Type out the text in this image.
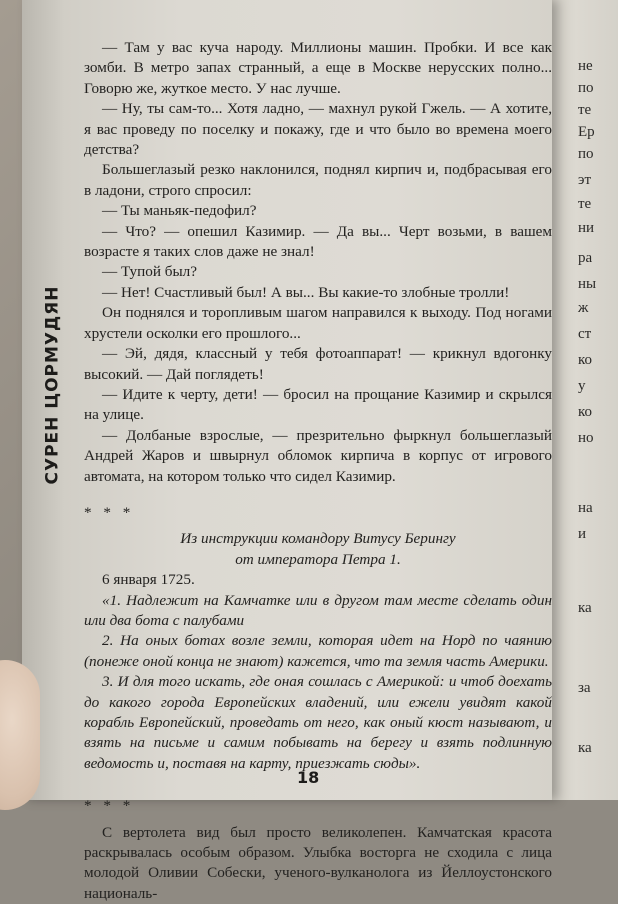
не
по
те
Ер
по
эт
те
ни
ра
ны
ж
ст
ко
у
ко
но
на
и
ка
за
ка
СУРЕН ЦОРМУДЯН

— Там у вас куча народу. Миллионы машин. Пробки. И все как зомби. В метро запах странный, а еще в Москве нерусских полно... Говорю же, жуткое место. У нас лучше.

— Ну, ты сам-то... Хотя ладно, — махнул рукой Гжель. — А хотите, я вас проведу по поселку и покажу, где и что было во времена моего детства?

Большеглазый резко наклонился, поднял кирпич и, подбрасывая его в ладони, строго спросил:

— Ты маньяк-педофил?

— Что? — опешил Казимир. — Да вы... Черт возьми, в вашем возрасте я таких слов даже не знал!

— Тупой был?

— Нет! Счастливый был! А вы... Вы какие-то злобные тролли!

Он поднялся и торопливым шагом направился к выходу. Под ногами хрустели осколки его прошлого...

— Эй, дядя, классный у тебя фотоаппарат! — крикнул вдогонку высокий. — Дай поглядеть!

— Идите к черту, дети! — бросил на прощание Казимир и скрылся на улице.

— Долбаные взрослые, — презрительно фыркнул большеглазый Андрей Жаров и швырнул обломок кирпича в корпус от игрового автомата, на котором только что сидел Казимир.

* * *

Из инструкции командору Витусу Берингу

от императора Петра 1.

6 января 1725.

«1. Надлежит на Камчатке или в другом там месте сделать один или два бота с палубами

2. На оных ботах возле земли, которая идет на Норд по чаянию (понеже оной конца не знают) кажется, что та земля часть Америки.

3. И для того искать, где оная сошлась с Америкой: и чтоб доехать до какого города Европейских владений, или ежели увидят какой корабль Европейский, проведать от него, как оный кюст называют, и взять на письме и самим побывать на берегу и взять подлинную ведомость и, поставя на карту, приезжать сюды».

* * *

С вертолета вид был просто великолепен. Камчатская красота раскрывалась особым образом. Улыбка восторга не сходила с лица молодой Оливии Собески, ученого-вулканолога из Йеллоустонского националь-

18
